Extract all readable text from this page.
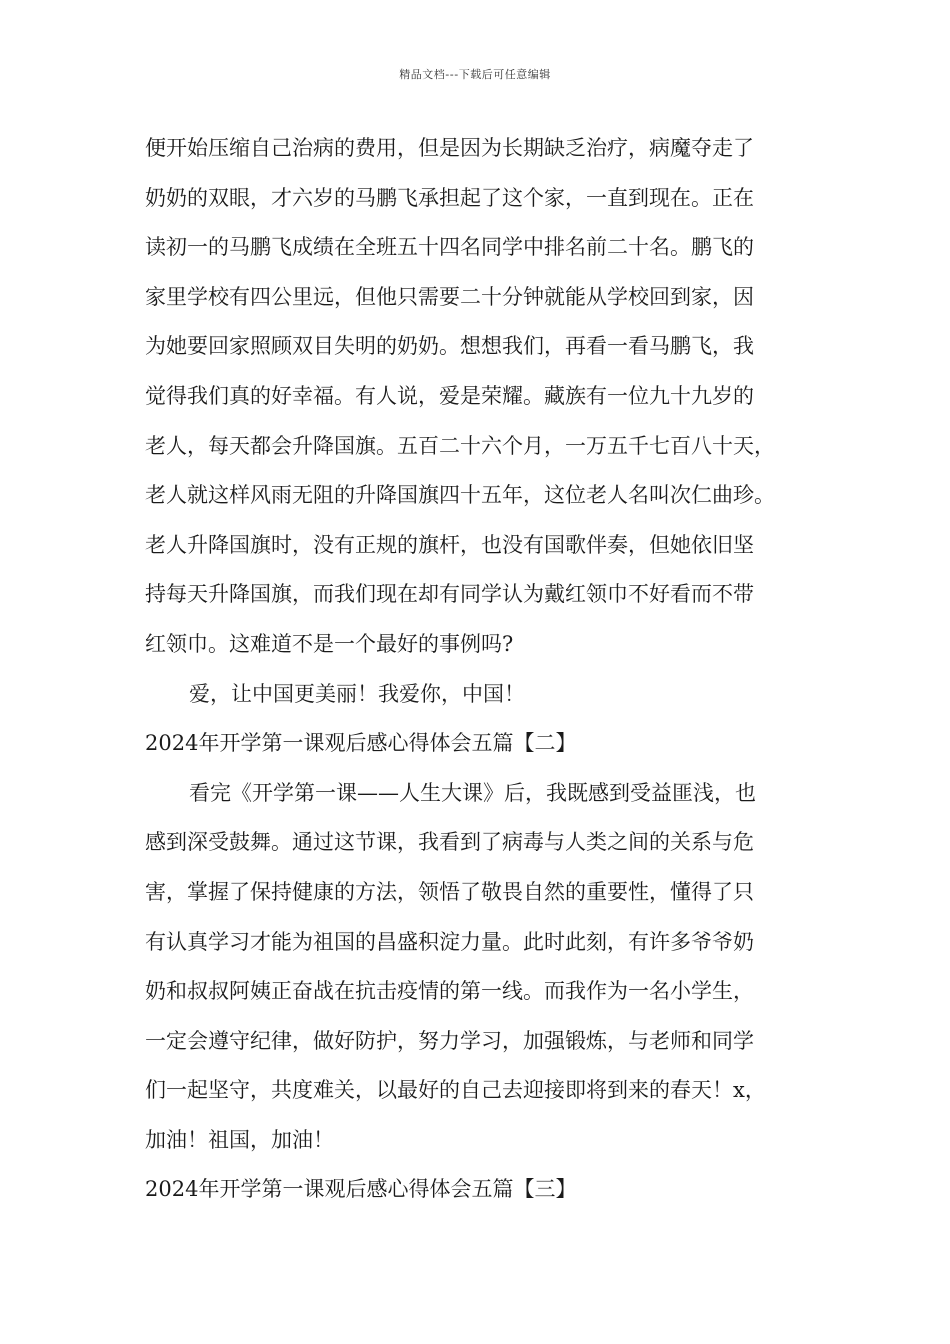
精品文档---下载后可任意编辑
便开始压缩自己治病的费用，但是因为长期缺乏治疗，病魔夺走了
奶奶的双眼，才六岁的马鹏飞承担起了这个家，一直到现在。正在
读初一的马鹏飞成绩在全班五十四名同学中排名前二十名。鹏飞的
家里学校有四公里远，但他只需要二十分钟就能从学校回到家，因
为她要回家照顾双目失明的奶奶。想想我们，再看一看马鹏飞，我
觉得我们真的好幸福。有人说，爱是荣耀。藏族有一位九十九岁的
老人，每天都会升降国旗。五百二十六个月，一万五千七百八十天，
老人就这样风雨无阻的升降国旗四十五年，这位老人名叫次仁曲珍。
老人升降国旗时，没有正规的旗杆，也没有国歌伴奏，但她依旧坚
持每天升降国旗，而我们现在却有同学认为戴红领巾不好看而不带
红领巾。这难道不是一个最好的事例吗?
爱，让中国更美丽！我爱你，中国！
2024年开学第一课观后感心得体会五篇【二】
看完《开学第一课——人生大课》后，我既感到受益匪浅，也
感到深受鼓舞。通过这节课，我看到了病毒与人类之间的关系与危
害，掌握了保持健康的方法，领悟了敬畏自然的重要性，懂得了只
有认真学习才能为祖国的昌盛积淀力量。此时此刻，有许多爷爷奶
奶和叔叔阿姨正奋战在抗击疫情的第一线。而我作为一名小学生，
一定会遵守纪律，做好防护，努力学习，加强锻炼，与老师和同学
们一起坚守，共度难关，以最好的自己去迎接即将到来的春天！x，
加油！祖国，加油！
2024年开学第一课观后感心得体会五篇【三】
